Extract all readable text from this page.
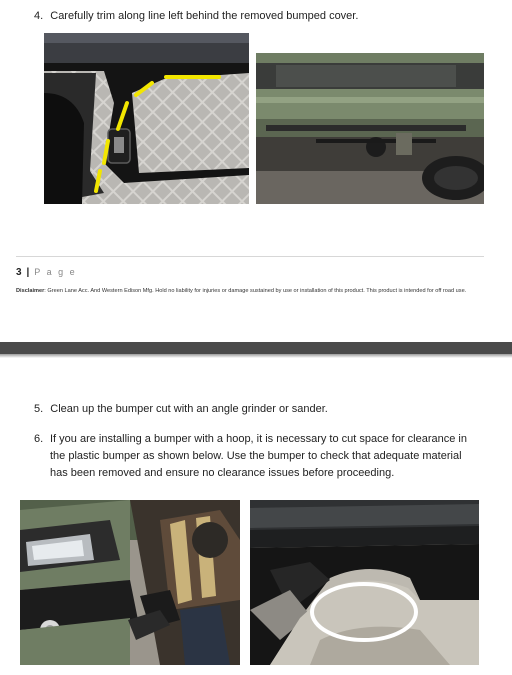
4. Carefully trim along line left behind the removed bumped cover.
3 | P a g e
Disclaimer: Green Lane Acc. And Western Edison Mfg. Hold no liability for injuries or damage sustained by use or installation of this product. This product is intended for off road use.
5. Clean up the bumper cut with an angle grinder or sander.
6. If you are installing a bumper with a hoop, it is necessary to cut space for clearance in
the plastic bumper as shown below. Use the bumper to check that adequate material
has been removed and ensure no clearance issues before proceeding.
